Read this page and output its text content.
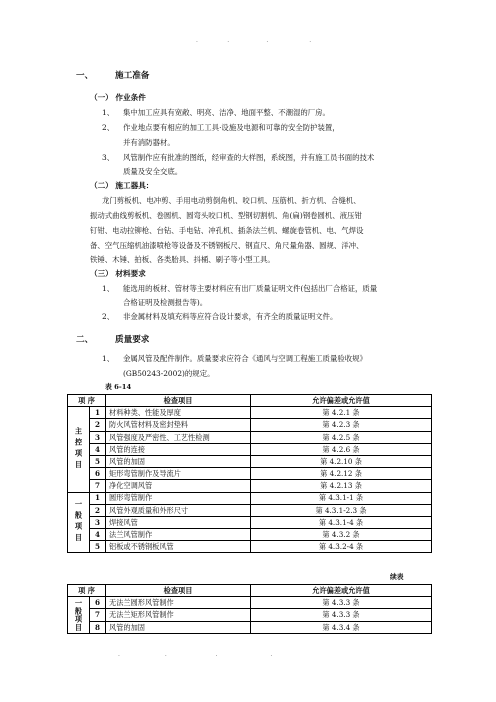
.       .         .          .
一、	施工准备
（一） 作业条件
1、 集中加工应具有宽敞、明亮、洁净、地面平整、不潮湿的厂房。
2、 作业地点要有相应的加工工具·设施及电源和可靠的安全防护装置，
并有消防器材。
3、 风管制作应有批准的图纸，经审查的大样图，系统图，并有施工员书面的技术
质量及安全交底。
（二） 施工器具：
龙门剪板机、电冲剪、手用电动剪倒角机、咬口机、压筋机、折方机、合缝机、
振动式曲线剪板机、卷圆机、圆弯头咬口机、型钢切割机、角(扁)钢卷圆机、液压钳
钉钳、电动拉铆枪、台钻、手电钻、冲孔机、插条法兰机、螺旋卷管机、电、气焊设
备、空气压缩机油漆喷枪等设备及不锈钢板尺、钢直尺、角尺量角器、圆规、洋冲、
铁锤、木锤、拍板、各类胎具、抖桶、刷子等小型工具。
（三） 材料要求
1、 能选用的板材、管材等主要材料应有出厂质量证明文件(包括出厂合格证，质量
合格证明及检测报告等)。
2、 非金属材料及填充料等应符合设计要求，有齐全的质量证明文件。
二、	质量要求
1、 金属风管及配件制作。质量要求应符合《通风与空调工程施工质量验收规》
(GB50243-2002)的规定。
表 6-14
项 序		检查项目	允许偏差或允许值
主控项目	1	材料种类、性能及厚度	第 4.2.1 条
	2	防火风管材料及密封垫料	第 4.2.3 条
	3	风管强度及严密性、工艺性检测	第 4.2.5 条
	4	风管的连接	第 4.2.6 条
	5	风管的加固	第 4.2.10 条
	6	矩形弯管制作及导流片	第 4.2.12 条
	7	净化空调风管	第 4.2.13 条
一般项目	1	圆形弯管制作	第 4.3.1-1 条
	2	风管外观质量和外形尺寸	第 4.3.1-2.3 条
	3	焊接风管	第 4.3.1-4 条
	4	法兰风管制作	第 4.3.2 条
	5	铝板或不锈钢板风管	第 4.3.2-4 条
续表
项 序		检查项目	允许偏差或允许值
一般项目	6	无法兰圆形风管制作	第 4.3.3 条
	7	无法兰矩形风管制作	第 4.3.3 条
	8	风管的加固	第 4.3.4 条
.           .            .             .
